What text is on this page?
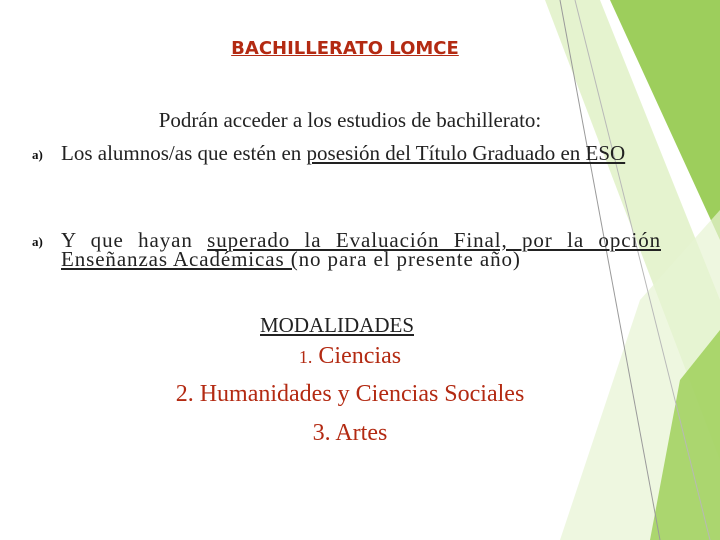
BACHILLERATO LOMCE
Podrán acceder a los estudios de bachillerato:
a) Los alumnos/as que estén en posesión del Título Graduado en ESO
a) Y que hayan superado la Evaluación Final, por la opción Enseñanzas Académicas (no para el presente año)
MODALIDADES
1. Ciencias
2. Humanidades y Ciencias Sociales
3. Artes
